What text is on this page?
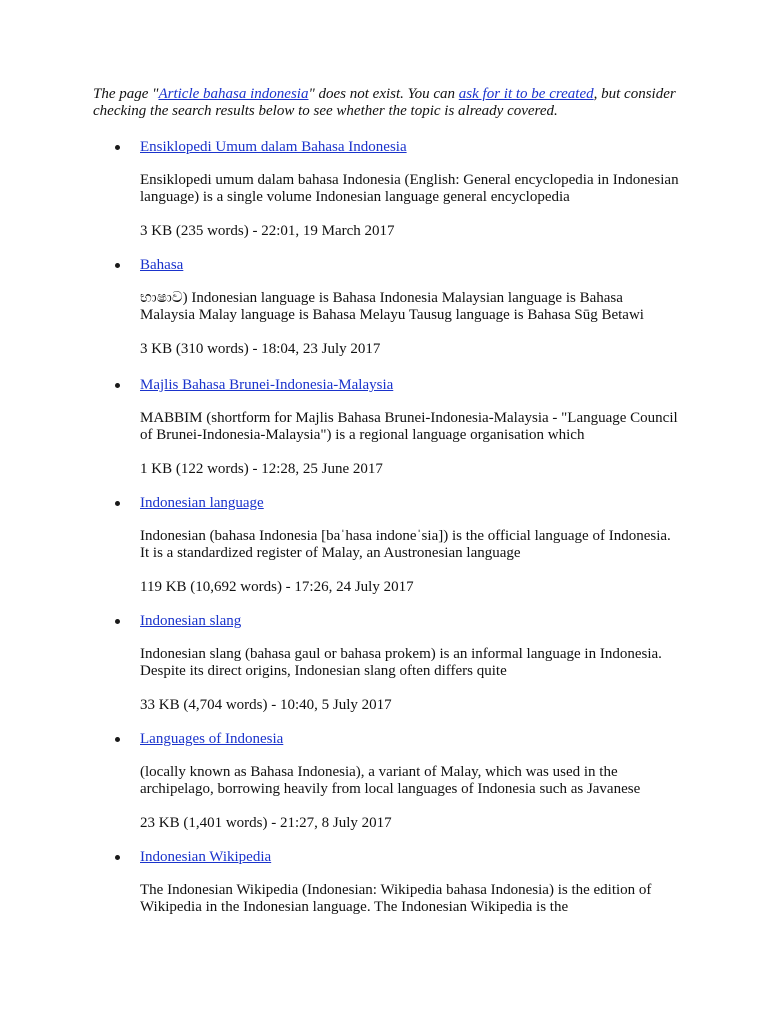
The page "Article bahasa indonesia" does not exist. You can ask for it to be created, but consider checking the search results below to see whether the topic is already covered.

Ensiklopedi Umum dalam Bahasa Indonesia

Ensiklopedi umum dalam bahasa Indonesia (English: General encyclopedia in Indonesian language) is a single volume Indonesian language general encyclopedia

3 KB (235 words) - 22:01, 19 March 2017
Bahasa

භාෂාව) Indonesian language is Bahasa Indonesia Malaysian language is Bahasa Malaysia Malay language is Bahasa Melayu Tausug language is Bahasa Sūg Betawi

3 KB (310 words) - 18:04, 23 July 2017
Majlis Bahasa Brunei-Indonesia-Malaysia

MABBIM (shortform for Majlis Bahasa Brunei-Indonesia-Malaysia - "Language Council of Brunei-Indonesia-Malaysia") is a regional language organisation which

1 KB (122 words) - 12:28, 25 June 2017
Indonesian language

Indonesian (bahasa Indonesia [baˈhasa indoneˈsia]) is the official language of Indonesia. It is a standardized register of Malay, an Austronesian language

119 KB (10,692 words) - 17:26, 24 July 2017
Indonesian slang

Indonesian slang (bahasa gaul or bahasa prokem) is an informal language in Indonesia. Despite its direct origins, Indonesian slang often differs quite

33 KB (4,704 words) - 10:40, 5 July 2017
Languages of Indonesia

(locally known as Bahasa Indonesia), a variant of Malay, which was used in the archipelago, borrowing heavily from local languages of Indonesia such as Javanese

23 KB (1,401 words) - 21:27, 8 July 2017
Indonesian Wikipedia

The Indonesian Wikipedia (Indonesian: Wikipedia bahasa Indonesia) is the edition of Wikipedia in the Indonesian language. The Indonesian Wikipedia is the
